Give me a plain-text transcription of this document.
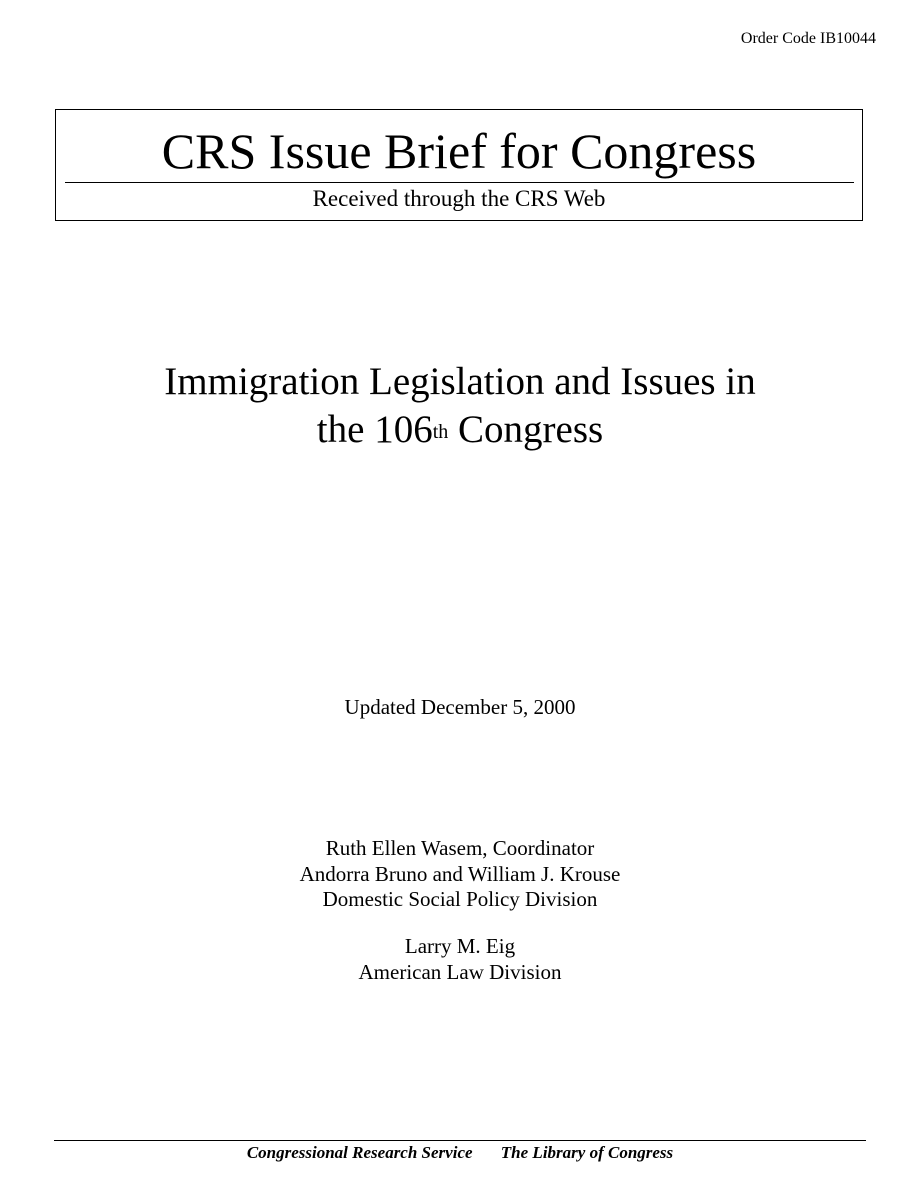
Order Code IB10044
CRS Issue Brief for Congress
Received through the CRS Web
Immigration Legislation and Issues in
the 106th Congress
Updated December 5, 2000
Ruth Ellen Wasem, Coordinator
Andorra Bruno and William J. Krouse
Domestic Social Policy Division
Larry M. Eig
American Law Division
Congressional Research Service The Library of Congress
